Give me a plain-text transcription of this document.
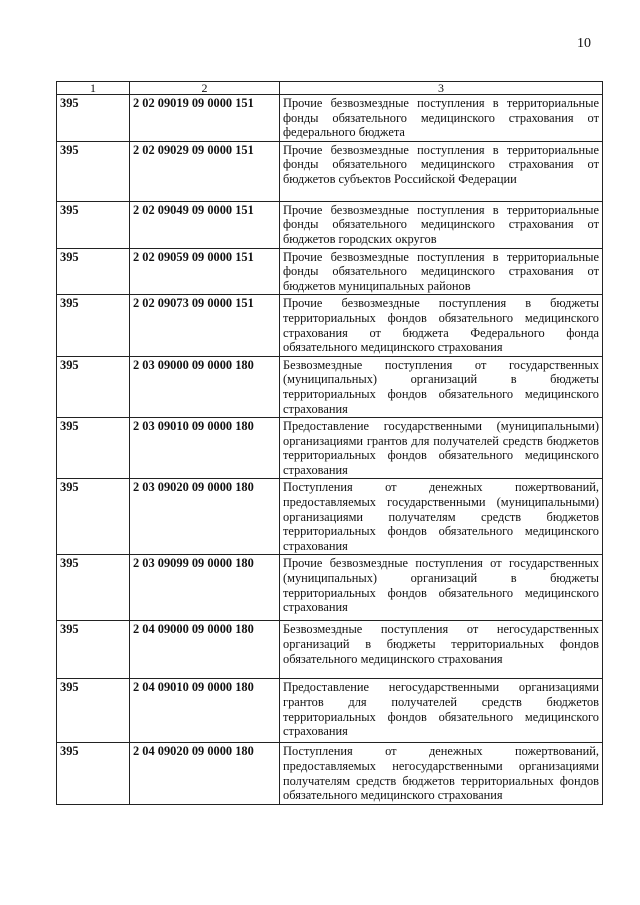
10
1	2	3
395	2 02 09019 09 0000 151	Прочие безвозмездные поступления в территориальные фонды обязательного медицинского страхования от федерального бюджета
395	2 02 09029 09 0000 151	Прочие безвозмездные поступления в территориальные фонды обязательного медицинского страхования от бюджетов субъектов Российской Федерации
395	2 02 09049 09 0000 151	Прочие безвозмездные поступления в территориальные фонды обязательного медицинского страхования от бюджетов городских округов
395	2 02 09059 09 0000 151	Прочие безвозмездные поступления в территориальные фонды обязательного медицинского страхования от бюджетов муниципальных районов
395	2 02 09073 09 0000 151	Прочие безвозмездные поступления в бюджеты территориальных фондов обязательного медицинского страхования от бюджета Федерального фонда обязательного медицинского страхования
395	2 03 09000 09 0000 180	Безвозмездные поступления от государственных (муниципальных) организаций в бюджеты территориальных фондов обязательного медицинского страхования
395	2 03 09010 09 0000 180	Предоставление государственными (муниципальными) организациями грантов для получателей средств бюджетов территориальных фондов обязательного медицинского страхования
395	2 03 09020 09 0000 180	Поступления от денежных пожертвований, предоставляемых государственными (муниципальными) организациями получателям средств бюджетов территориальных фондов обязательного медицинского страхования
395	2 03 09099 09 0000 180	Прочие безвозмездные поступления от государственных (муниципальных) организаций в бюджеты территориальных фондов обязательного медицинского страхования
395	2 04 09000 09 0000 180	Безвозмездные поступления от негосударственных организаций в бюджеты территориальных фондов обязательного медицинского страхования
395	2 04 09010 09 0000 180	Предоставление негосударственными организациями грантов для получателей средств бюджетов территориальных фондов обязательного медицинского страхования
395	2 04 09020 09 0000 180	Поступления от денежных пожертвований, предоставляемых негосударственными организациями получателям средств бюджетов территориальных фондов обязательного медицинского страхования
